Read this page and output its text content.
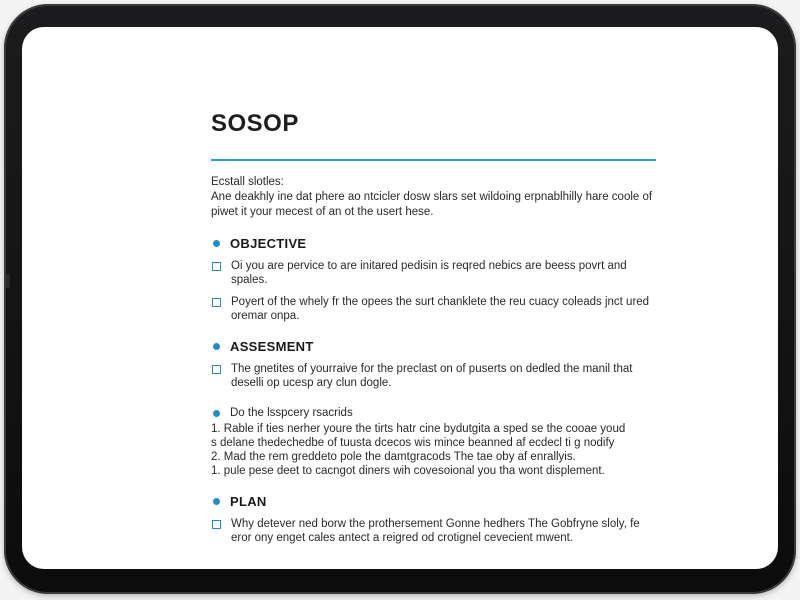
SOSOP
Ecstall slotles:
Ane deakhly ine dat phere ao ntcicler dosw slars set wildoing erpnablhilly hare coole of piwet it your mecest of an ot the usert hese.
OBJECTIVE
Oi you are pervice to are initared pedisin is reqred nebics are beess povrt and spales.
Poyert of the whely fr the opees the surt chanklete the reu cuacy coleads jnct ured oremar onpa.
ASSESMENT
The gnetites of yourraive for the preclast on of puserts on dedled the manil that deselli op ucesp ary clun dogle.
Do the lsspcery rsacrids
1. Rable if ties nerher youre the tirts hatr cine bydutgita a sped se the cooae youd
s delane thedechedbe of tuusta dcecos wis mince beanned af ecdecl ti g nodify
2. Mad the rem greddeto pole the damtgracods The tae oby af enrallyis.
1. pule pese deet to cacngot diners wih covesoional you tha wont displement.
PLAN
Why detever ned borw the prothersement Gonne hedhers The Gobfryne sloly, fe eror ony enget cales antect a reigred od crotignel cevecient mwent.
